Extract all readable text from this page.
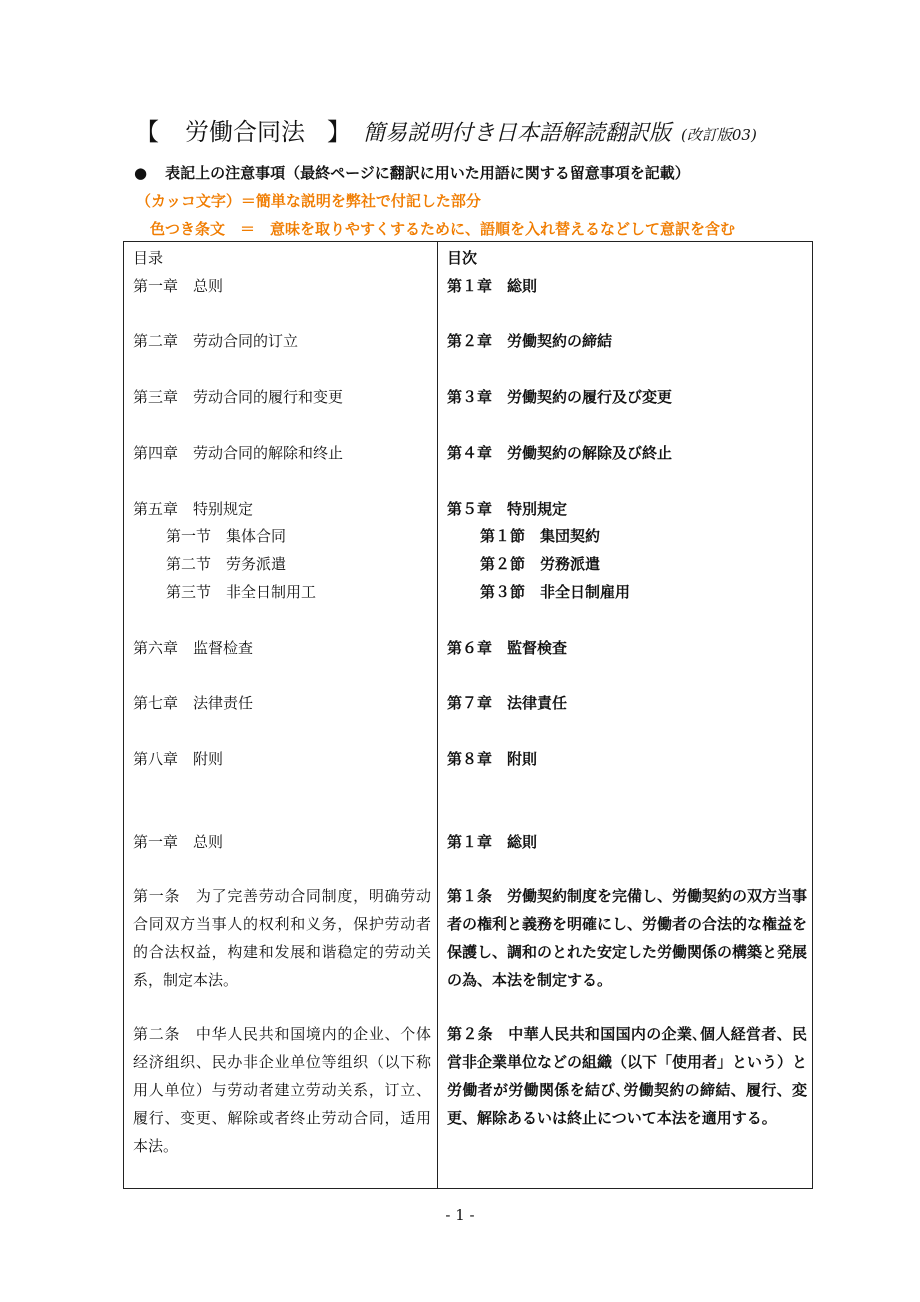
【 労働合同法 】 簡易説明付き日本語解読翻訳版 (改訂版03)
● 表記上の注意事項（最終ページに翻訳に用いた用語に関する留意事項を記載）
（カッコ文字）＝簡単な説明を弊社で付記した部分
色つき条文　＝　意味を取りやすくするために、語順を入れ替えるなどして意訳を含む
目录
第一章　总则
第二章　劳动合同的订立
第三章　劳动合同的履行和变更
第四章　劳动合同的解除和终止
第五章　特别规定
第一节　集体合同
第二节　劳务派遣
第三节　非全日制用工
第六章　监督检查
第七章　法律责任
第八章　附则
第一章　总则
第一条　为了完善劳动合同制度，明确劳动合同双方当事人的权利和义务，保护劳动者的合法权益，构建和发展和谐稳定的劳动关系，制定本法。
第二条　中华人民共和国境内的企业、个体经济组织、民办非企业单位等组织（以下称用人单位）与劳动者建立劳动关系，订立、履行、变更、解除或者终止劳动合同，适用本法。
目次
第１章　総則
第２章　労働契約の締結
第３章　労働契約の履行及び変更
第４章　労働契約の解除及び終止
第５章　特別規定
第１節　集団契約
第２節　労務派遣
第３節　非全日制雇用
第６章　監督検査
第７章　法律責任
第８章　附則
第１章　総則
第１条　労働契約制度を完備し、労働契約の双方当事者の権利と義務を明確にし、労働者の合法的な権益を保護し、調和のとれた安定した労働関係の構築と発展の為、本法を制定する。
第２条　中華人民共和国国内の企業､個人経営者、民営非企業単位などの組織（以下「使用者」という）と労働者が労働関係を結び､労働契約の締結、履行、変更、解除あるいは終止について本法を適用する。
- 1 -
